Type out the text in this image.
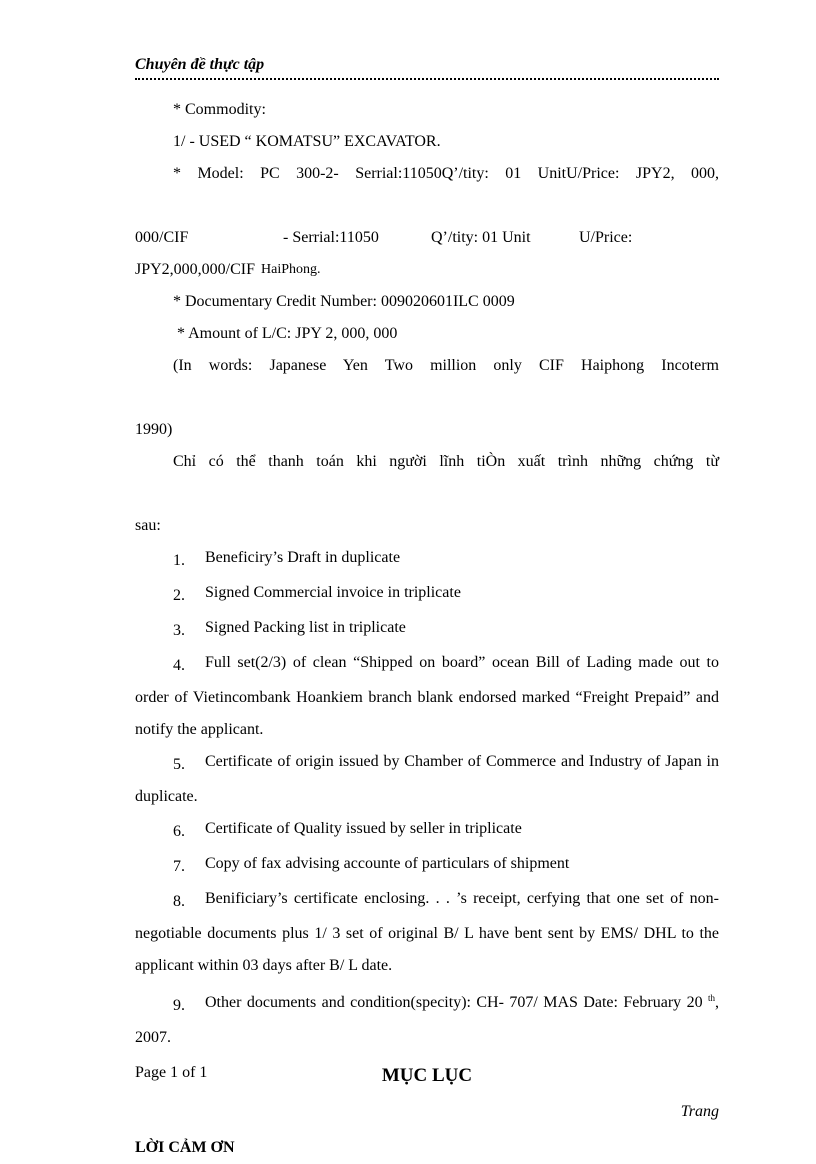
Chuyên đề thực tập

* Commodity:

1/ - USED “ KOMATSU” EXCAVATOR.

* Model: PC 300-2- Serrial:11050Q’/tity: 01 UnitU/Price: JPY2, 000,

000/CIF	- Serrial:11050	Q’/tity: 01 Unit	U/Price:
JPY2,000,000/CIF HaiPhong.

* Documentary Credit Number: 009020601ILC 0009

* Amount of L/C: JPY 2, 000, 000

(In words: Japanese Yen Two million only CIF Haiphong Incoterm

1990)

Chỉ có thể thanh toán khi người lĩnh tiÒn xuất trình những chứng từ

sau:

1. Beneficiry’s Draft in duplicate

2. Signed Commercial invoice in triplicate

3. Signed Packing list in triplicate

4. Full set(2/3) of clean “Shipped on board” ocean Bill of Lading made out to order of Vietincombank Hoankiem branch blank endorsed marked “Freight Prepaid” and notify the applicant.

5. Certificate of origin issued by Chamber of Commerce and Industry of Japan in duplicate.

6. Certificate of Quality issued by seller in triplicate

7. Copy of fax advising accounte of particulars of shipment

8. Benificiary’s certificate enclosing. . . ’s receipt, cerfying that one set of non- negotiable documents plus 1/ 3 set of original B/ L have bent sent by EMS/ DHL to the applicant within 03 days after B/ L date.

9. Other documents and condition(specity): CH- 707/ MAS Date: February 20 $^{th}$, 2007.

MỤC LỤC

Trang

LỜI CẢM ƠN

Page 1 of 1
